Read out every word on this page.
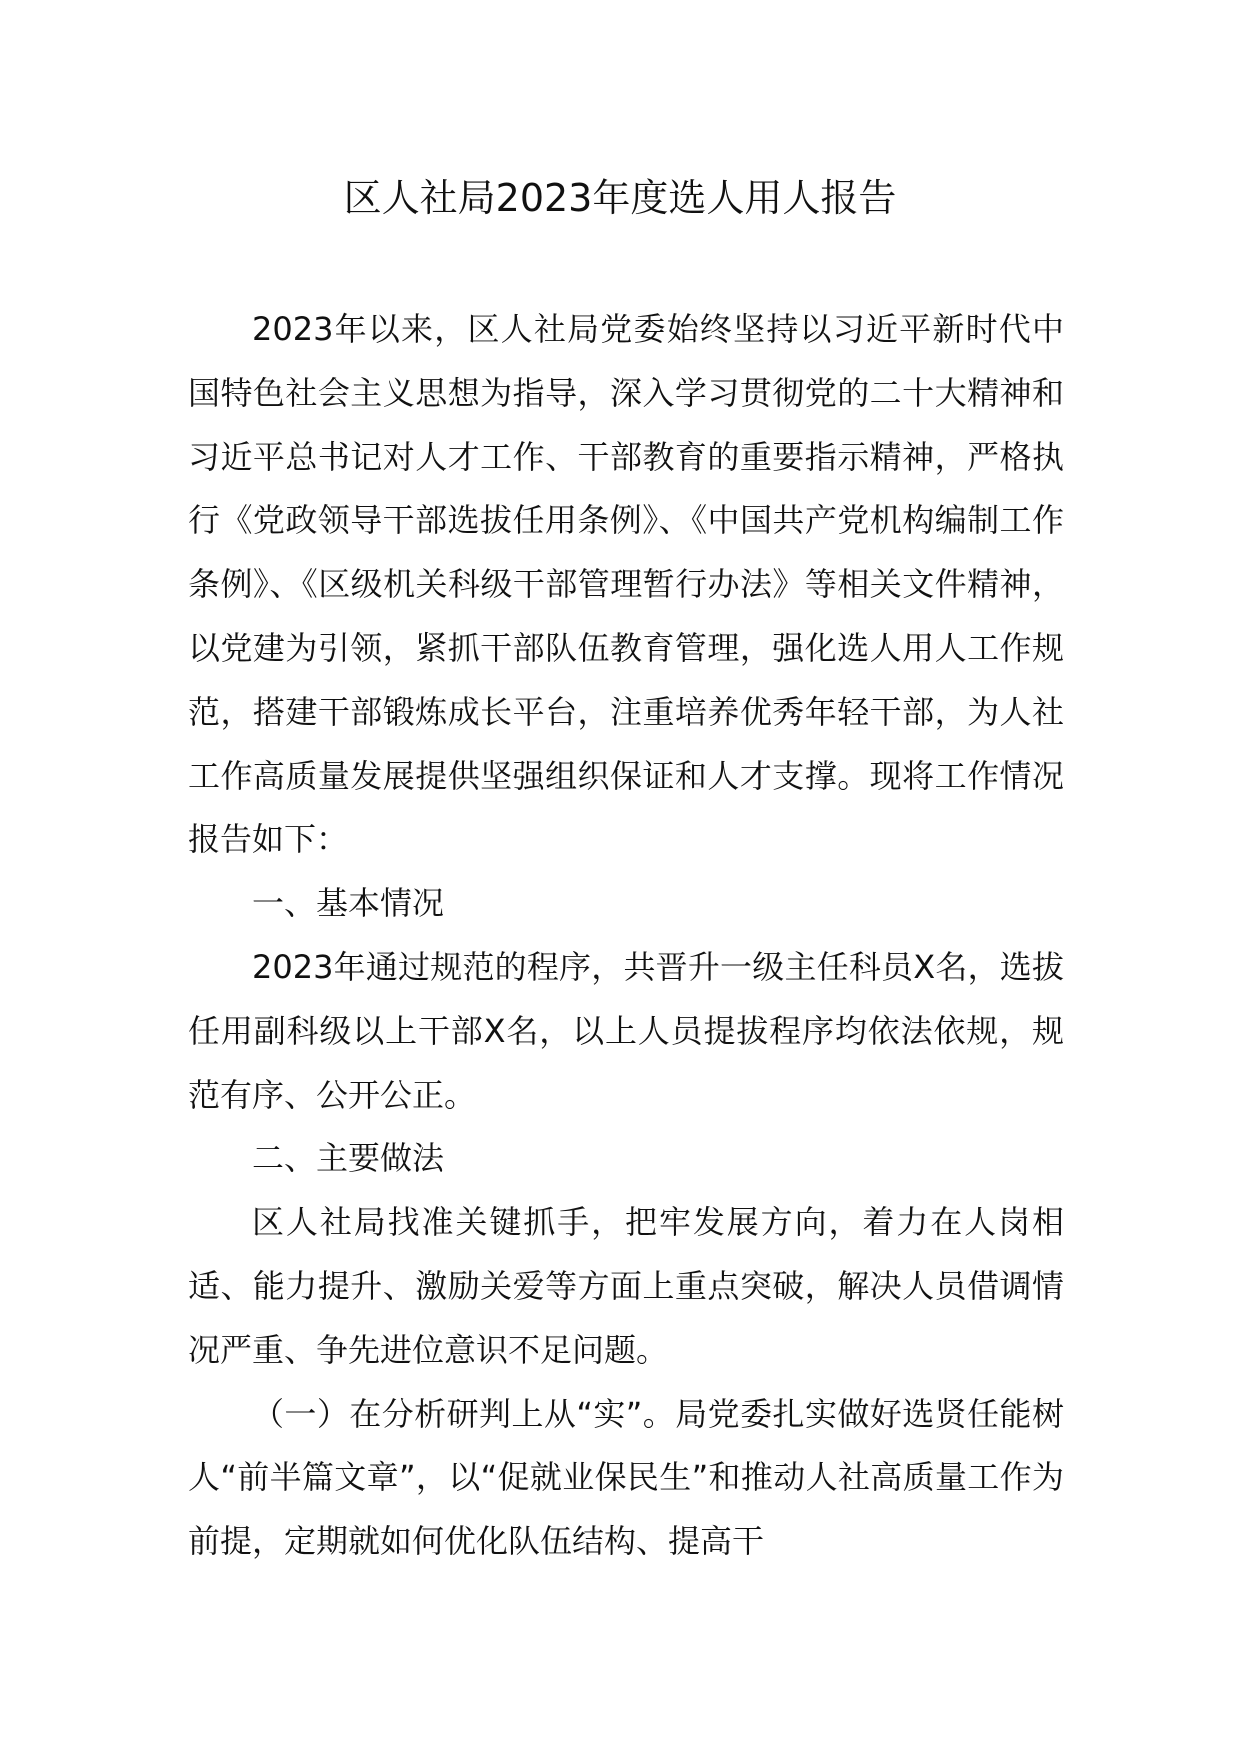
区人社局2023年度选人用人报告

2023年以来，区人社局党委始终坚持以习近平新时代中国特色社会主义思想为指导，深入学习贯彻党的二十大精神和习近平总书记对人才工作、干部教育的重要指示精神，严格执行《党政领导干部选拔任用条例》、《中国共产党机构编制工作条例》、《区级机关科级干部管理暂行办法》等相关文件精神，以党建为引领，紧抓干部队伍教育管理，强化选人用人工作规范，搭建干部锻炼成长平台，注重培养优秀年轻干部，为人社工作高质量发展提供坚强组织保证和人才支撑。现将工作情况报告如下：

一、基本情况

2023年通过规范的程序，共晋升一级主任科员X名，选拔任用副科级以上干部X名，以上人员提拔程序均依法依规，规范有序、公开公正。

二、主要做法

区人社局找准关键抓手，把牢发展方向，着力在人岗相适、能力提升、激励关爱等方面上重点突破，解决人员借调情况严重、争先进位意识不足问题。

（一）在分析研判上从“实”。局党委扎实做好选贤任能树人“前半篇文章”，以“促就业保民生”和推动人社高质量工作为前提，定期就如何优化队伍结构、提高干
